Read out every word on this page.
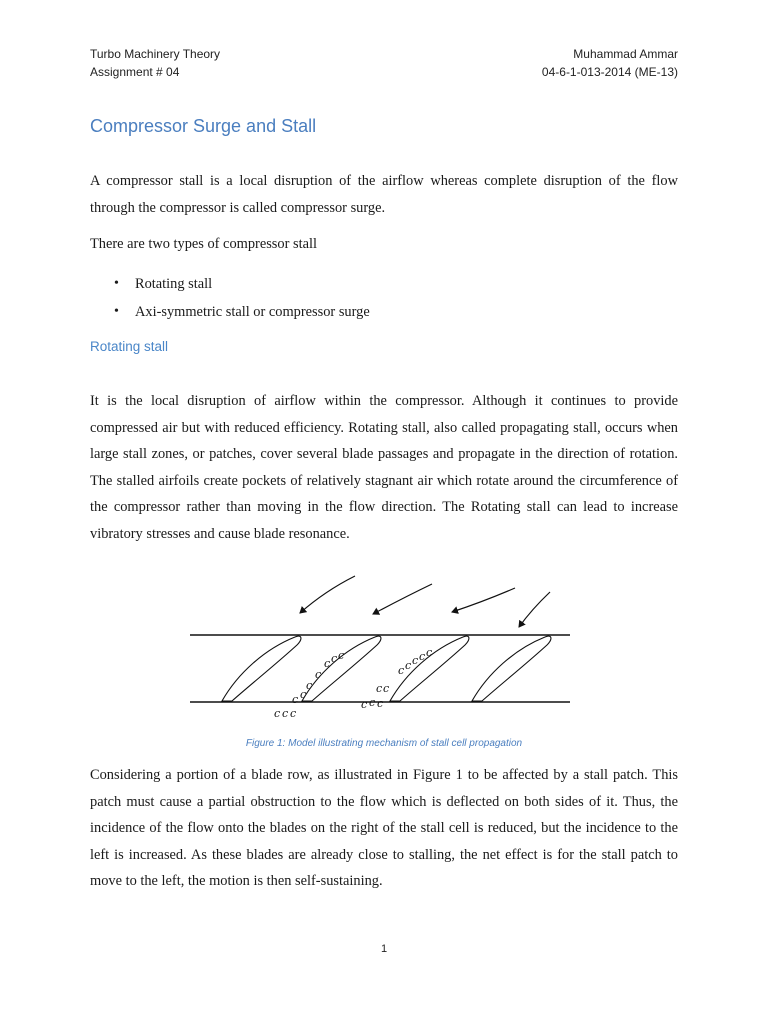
Turbo Machinery Theory
Assignment # 04
Muhammad Ammar
04-6-1-013-2014 (ME-13)
Compressor Surge and Stall

A compressor stall is a local disruption of the airflow whereas complete disruption of the flow through the compressor is called compressor surge.

There are two types of compressor stall

• Rotating stall
• Axi-symmetric stall or compressor surge
Rotating stall

It is the local disruption of airflow within the compressor. Although it continues to provide compressed air but with reduced efficiency. Rotating stall, also called propagating stall, occurs when large stall zones, or patches, cover several blade passages and propagate in the direction of rotation. The stalled airfoils create pockets of relatively stagnant air which rotate around the circumference of the compressor rather than moving in the flow direction. The Rotating stall can lead to increase vibratory stresses and cause blade resonance.

c c c
c
c
c
c
c c c
c c c c c
c c
c c c
Figure 1: Model illustrating mechanism of stall cell propagation

Considering a portion of a blade row, as illustrated in Figure 1 to be affected by a stall patch. This patch must cause a partial obstruction to the flow which is deflected on both sides of it. Thus, the incidence of the flow onto the blades on the right of the stall cell is reduced, but the incidence to the left is increased. As these blades are already close to stalling, the net effect is for the stall patch to move to the left, the motion is then self-sustaining.

1
